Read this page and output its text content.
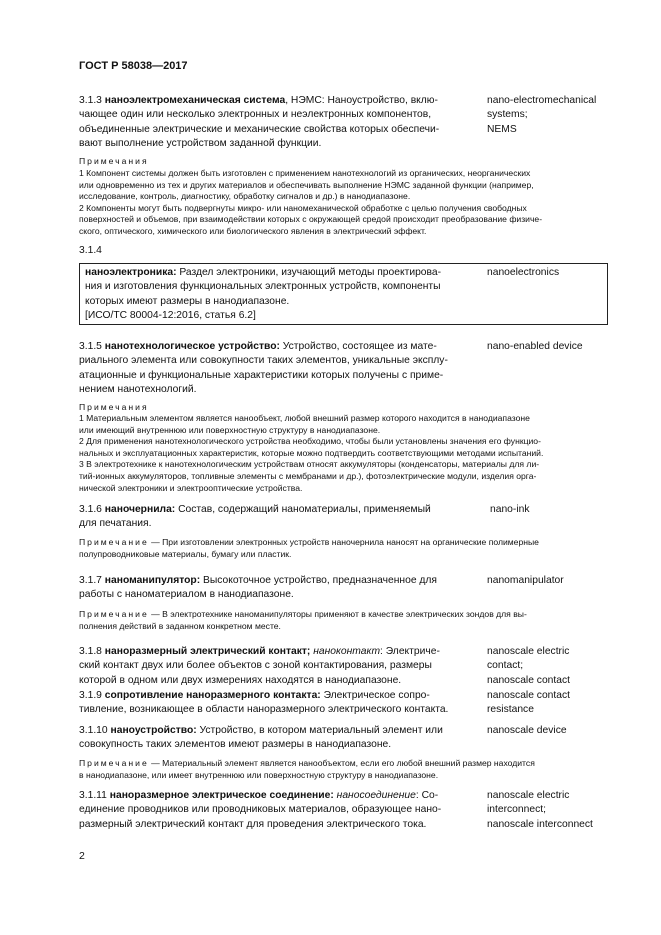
ГОСТ Р 58038—2017
3.1.3 наноэлектромеханическая система, НЭМС: Наноустройство, вклю-
чающее один или несколько электронных и неэлектронных компонентов,
объединенные электрические и механические свойства которых обеспечи-
вают выполнение устройством заданной функции.
nano-electromechanical
systems;
NEMS
Примечания
1 Компонент системы должен быть изготовлен с применением нанотехнологий из органических, неорганических
или одновременно из тех и других материалов и обеспечивать выполнение НЭМС заданной функции (например,
исследование, контроль, диагностику, обработку сигналов и др.) в нанодиапазоне.
2 Компоненты могут быть подвергнуты микро- или наномеханической обработке с целью получения свободных
поверхностей и объемов, при взаимодействии которых с окружающей средой происходит преобразование физиче-
ского, оптического, химического или биологического явления в электрический эффект.
3.1.4
наноэлектроника: Раздел электроники, изучающий методы проектирова-
ния и изготовления функциональных электронных устройств, компоненты
которых имеют размеры в нанодиапазоне.
[ИСО/ТС 80004-12:2016, статья 6.2]
nanoelectronics
3.1.5 нанотехнологическое устройство: Устройство, состоящее из мате-
риального элемента или совокупности таких элементов, уникальные эксплу-
атационные и функциональные характеристики которых получены с приме-
нением нанотехнологий.
nano-enabled device
Примечания
1 Материальным элементом является нанообъект, любой внешний размер которого находится в нанодиапазоне
или имеющий внутреннюю или поверхностную структуру в нанодиапазоне.
2 Для применения нанотехнологического устройства необходимо, чтобы были установлены значения его функцио-
нальных и эксплуатационных характеристик, которые можно подтвердить соответствующими методами испытаний.
3 В электротехнике к нанотехнологическим устройствам относят аккумуляторы (конденсаторы, материалы для ли-
тий-ионных аккумуляторов, топливные элементы с мембранами и др.), фотоэлектрические модули, изделия орга-
нической электроники и электрооптические устройства.
3.1.6 наночернила: Состав, содержащий наноматериалы, применяемый
для печатания.
nano-ink
Примечание — При изготовлении электронных устройств наночернила наносят на органические полимерные
полупроводниковые материалы, бумагу или пластик.
3.1.7 наноманипулятор: Высокоточное устройство, предназначенное для
работы с наноматериалом в нанодиапазоне.
nanomanipulator
Примечание — В электротехнике наноманипуляторы применяют в качестве электрических зондов для вы-
полнения действий в заданном конкретном месте.
3.1.8 наноразмерный электрический контакт; наноконтакт: Электриче-
ский контакт двух или более объектов с зоной контактирования, размеры
которой в одном или двух измерениях находятся в нанодиапазоне.
nanoscale electric
contact;
nanoscale contact
3.1.9 сопротивление наноразмерного контакта: Электрическое сопро-
тивление, возникающее в области наноразмерного электрического контакта.
nanoscale contact
resistance
3.1.10 наноустройство: Устройство, в котором материальный элемент или
совокупность таких элементов имеют размеры в нанодиапазоне.
nanoscale device
Примечание — Материальный элемент является нанообъектом, если его любой внешний размер находится
в нанодиапазоне, или имеет внутреннюю или поверхностную структуру в нанодиапазоне.
3.1.11 наноразмерное электрическое соединение: наносоединение: Со-
единение проводников или проводниковых материалов, образующее нано-
размерный электрический контакт для проведения электрического тока.
nanoscale electric
interconnect;
nanoscale interconnect
2
